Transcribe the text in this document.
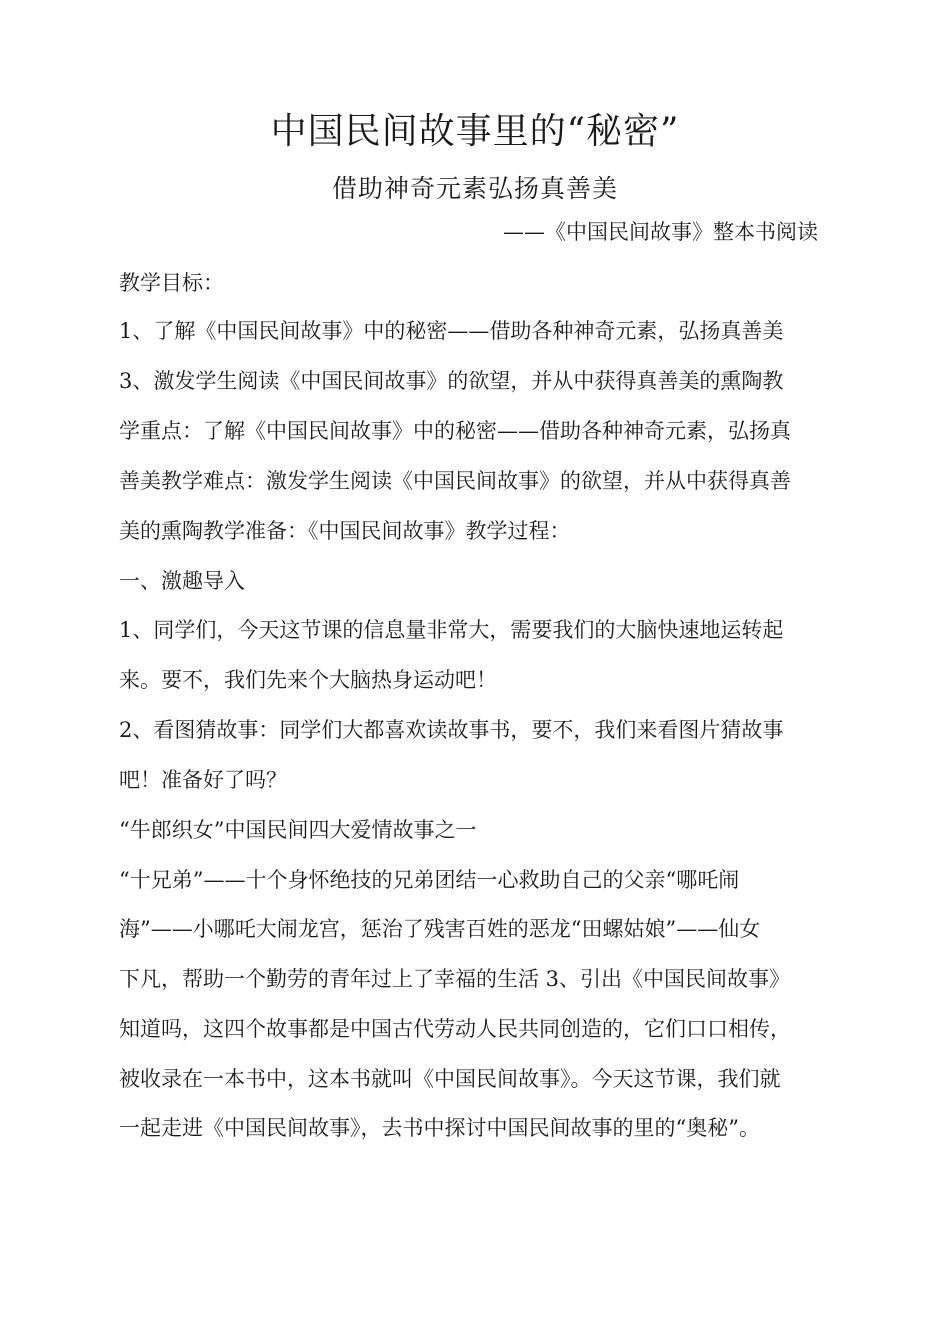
中国民间故事里的“秘密”
借助神奇元素弘扬真善美
——《中国民间故事》整本书阅读
教学目标：
1、了解《中国民间故事》中的秘密——借助各种神奇元素，弘扬真善美
3、激发学生阅读《中国民间故事》的欲望，并从中获得真善美的熏陶教
学重点：了解《中国民间故事》中的秘密——借助各种神奇元素，弘扬真
善美教学难点：激发学生阅读《中国民间故事》的欲望，并从中获得真善
美的熏陶教学准备：《中国民间故事》教学过程：
一、激趣导入
1、同学们，今天这节课的信息量非常大，需要我们的大脑快速地运转起
来。要不，我们先来个大脑热身运动吧！
2、看图猜故事：同学们大都喜欢读故事书，要不，我们来看图片猜故事
吧！准备好了吗？
“牛郎织女”中国民间四大爱情故事之一
“十兄弟”——十个身怀绝技的兄弟团结一心救助自己的父亲“哪吒闹
海”——小哪吒大闹龙宫，惩治了残害百姓的恶龙“田螺姑娘”——仙女
下凡，帮助一个勤劳的青年过上了幸福的生活 3、引出《中国民间故事》
知道吗，这四个故事都是中国古代劳动人民共同创造的，它们口口相传，
被收录在一本书中，这本书就叫《中国民间故事》。今天这节课，我们就
一起走进《中国民间故事》，去书中探讨中国民间故事的里的“奥秘”。
